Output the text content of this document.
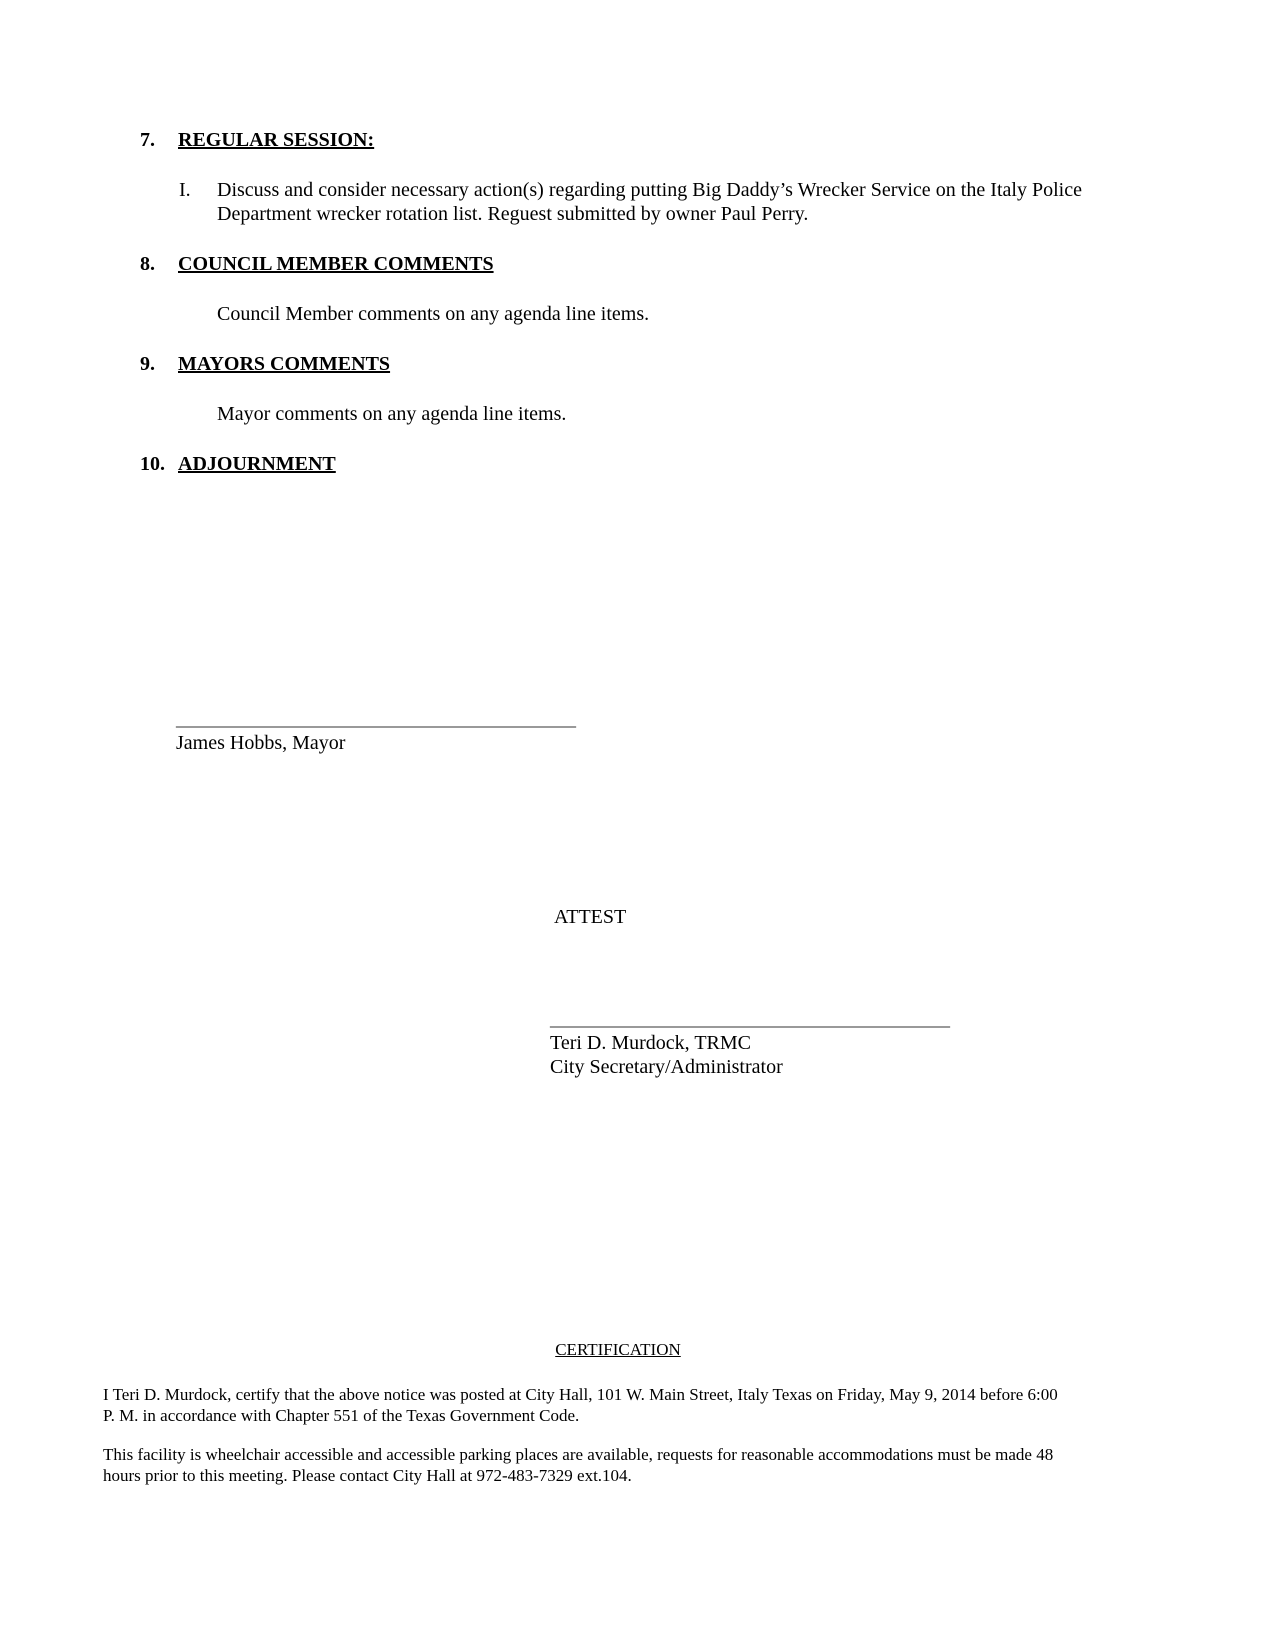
7.	REGULAR SESSION:
I.	Discuss and consider necessary action(s) regarding putting Big Daddy’s Wrecker Service on the Italy Police Department wrecker rotation list. Reguest submitted by owner Paul Perry.

8.	COUNCIL MEMBER COMMENTS

Council Member comments on any agenda line items.

9.	MAYORS COMMENTS

Mayor comments on any agenda line items.

10. ADJOURNMENT
________________________________________
James Hobbs, Mayor
ATTEST
________________________________________
Teri D. Murdock, TRMC
City Secretary/Administrator
CERTIFICATION

I Teri D. Murdock, certify that the above notice was posted at City Hall, 101 W. Main Street, Italy Texas on Friday, May 9, 2014 before 6:00 P. M. in accordance with Chapter 551 of the Texas Government Code.

This facility is wheelchair accessible and accessible parking places are available, requests for reasonable accommodations must be made 48 hours prior to this meeting. Please contact City Hall at 972-483-7329 ext.104.
